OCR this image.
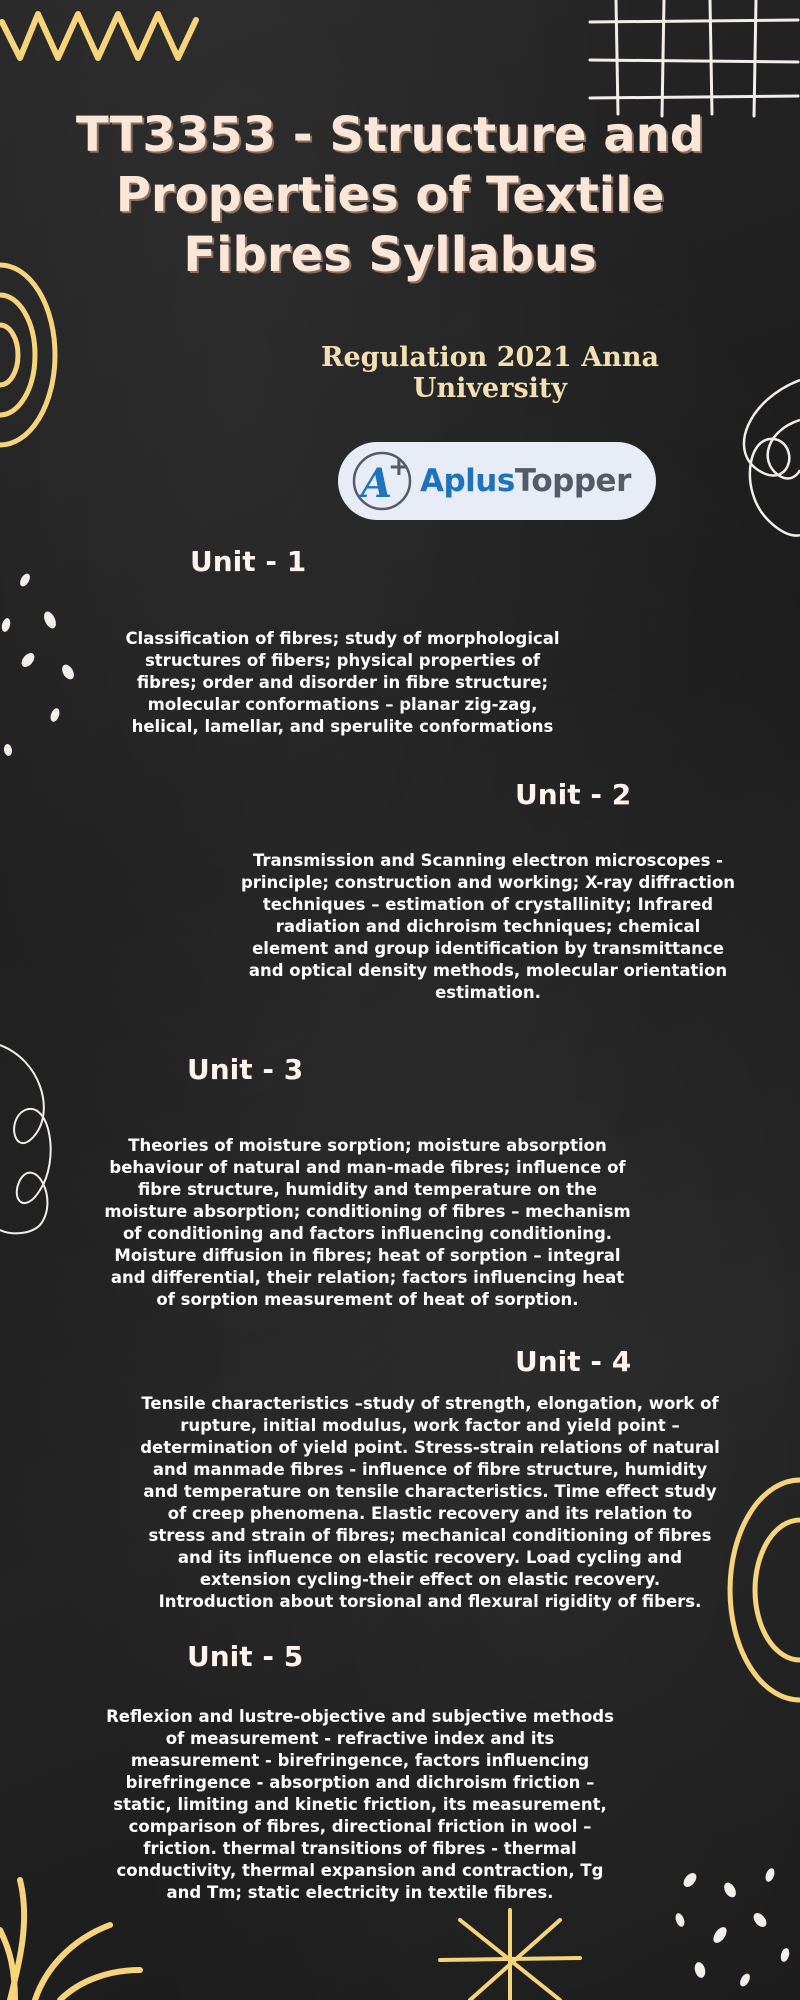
TT3353 - Structure and Properties of Textile Fibres Syllabus
Regulation 2021 Anna University
A
+ AplusTopper
Unit - 1

Classification of fibres; study of morphological structures of fibers; physical properties of fibres; order and disorder in fibre structure; molecular conformations – planar zig-zag, helical, lamellar, and sperulite conformations

Unit - 2

Transmission and Scanning electron microscopes - principle; construction and working; X-ray diffraction techniques – estimation of crystallinity; Infrared radiation and dichroism techniques; chemical element and group identification by transmittance and optical density methods, molecular orientation estimation.

Unit - 3

Theories of moisture sorption; moisture absorption behaviour of natural and man-made fibres; influence of fibre structure, humidity and temperature on the moisture absorption; conditioning of fibres – mechanism of conditioning and factors influencing conditioning. Moisture diffusion in fibres; heat of sorption – integral and differential, their relation; factors influencing heat of sorption measurement of heat of sorption.

Unit - 4

Tensile characteristics –study of strength, elongation, work of rupture, initial modulus, work factor and yield point – determination of yield point. Stress-strain relations of natural and manmade fibres - influence of fibre structure, humidity and temperature on tensile characteristics. Time effect study of creep phenomena. Elastic recovery and its relation to stress and strain of fibres; mechanical conditioning of fibres and its influence on elastic recovery. Load cycling and extension cycling-their effect on elastic recovery. Introduction about torsional and flexural rigidity of fibers.

Unit - 5

Reflexion and lustre-objective and subjective methods of measurement - refractive index and its measurement - birefringence, factors influencing birefringence - absorption and dichroism friction – static, limiting and kinetic friction, its measurement, comparison of fibres, directional friction in wool – friction. thermal transitions of fibres - thermal conductivity, thermal expansion and contraction, Tg and Tm; static electricity in textile fibres.
